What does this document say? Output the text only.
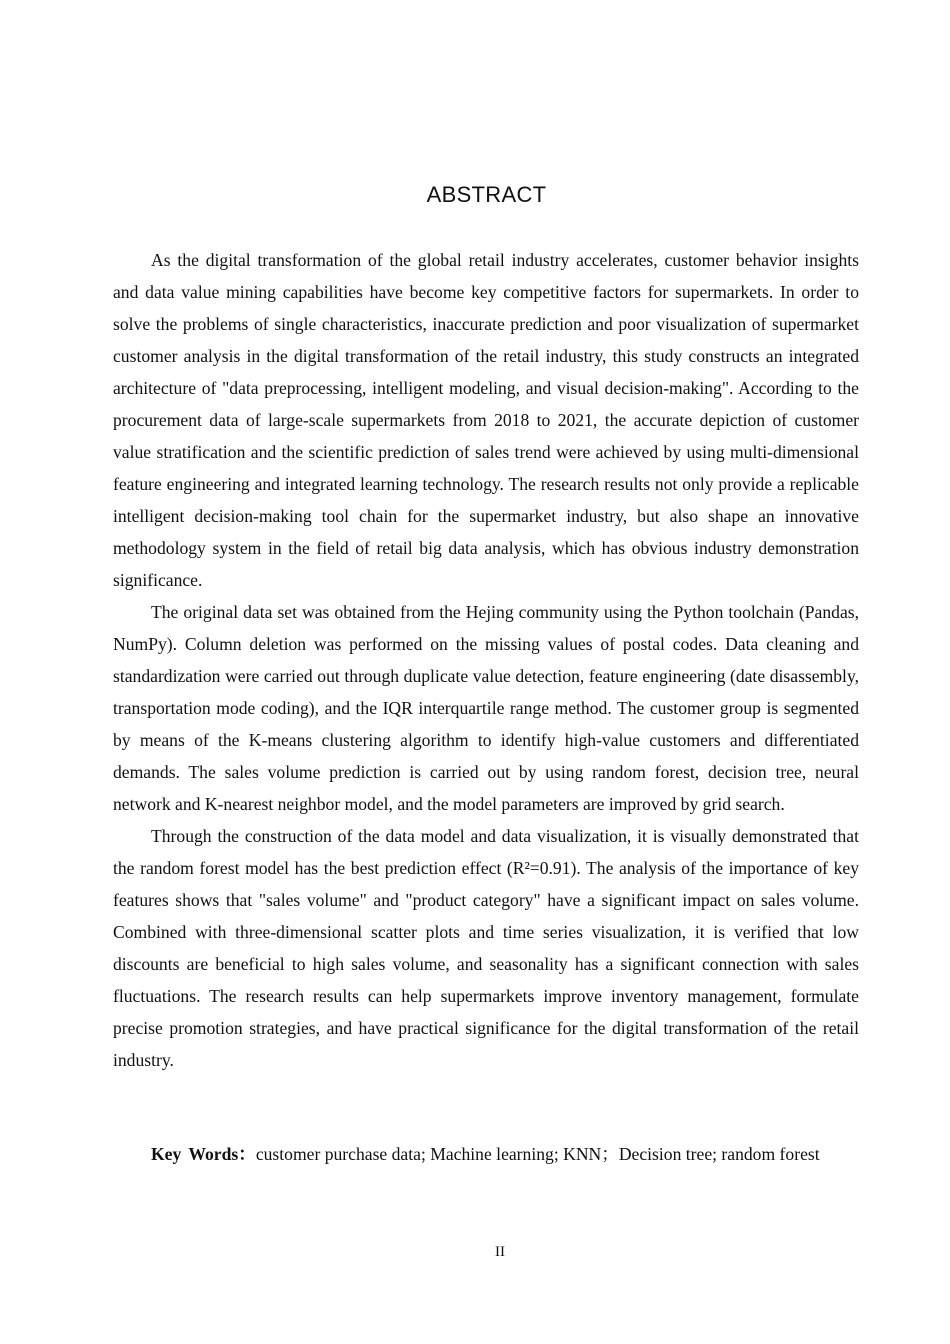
ABSTRACT

As the digital transformation of the global retail industry accelerates, customer behavior insights and data value mining capabilities have become key competitive factors for supermarkets. In order to solve the problems of single characteristics, inaccurate prediction and poor visualization of supermarket customer analysis in the digital transformation of the retail industry, this study constructs an integrated architecture of "data preprocessing, intelligent modeling, and visual decision-making". According to the procurement data of large-scale supermarkets from 2018 to 2021, the accurate depiction of customer value stratification and the scientific prediction of sales trend were achieved by using multi-dimensional feature engineering and integrated learning technology. The research results not only provide a replicable intelligent decision-making tool chain for the supermarket industry, but also shape an innovative methodology system in the field of retail big data analysis, which has obvious industry demonstration significance.

The original data set was obtained from the Hejing community using the Python toolchain (Pandas, NumPy). Column deletion was performed on the missing values of postal codes. Data cleaning and standardization were carried out through duplicate value detection, feature engineering (date disassembly, transportation mode coding), and the IQR interquartile range method. The customer group is segmented by means of the K-means clustering algorithm to identify high-value customers and differentiated demands. The sales volume prediction is carried out by using random forest, decision tree, neural network and K-nearest neighbor model, and the model parameters are improved by grid search.

Through the construction of the data model and data visualization, it is visually demonstrated that the random forest model has the best prediction effect (R²=0.91). The analysis of the importance of key features shows that "sales volume" and "product category" have a significant impact on sales volume. Combined with three-dimensional scatter plots and time series visualization, it is verified that low discounts are beneficial to high sales volume, and seasonality has a significant connection with sales fluctuations. The research results can help supermarkets improve inventory management, formulate precise promotion strategies, and have practical significance for the digital transformation of the retail industry.

Key Words：customer purchase data; Machine learning; KNN；Decision tree; random forest

II
